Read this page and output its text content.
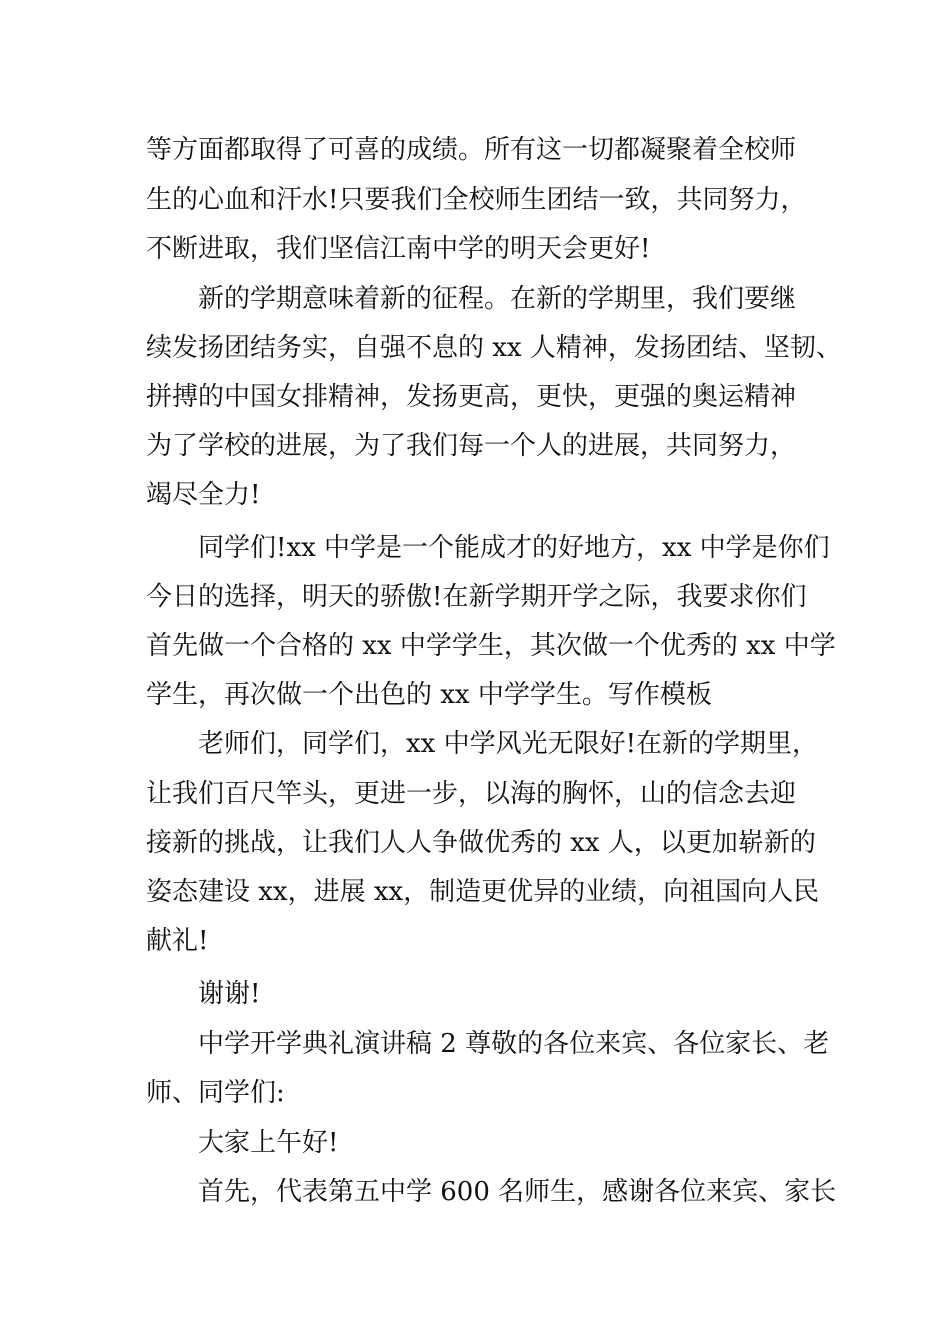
等方面都取得了可喜的成绩。所有这一切都凝聚着全校师
生的心血和汗水!只要我们全校师生团结一致，共同努力，
不断进取，我们坚信江南中学的明天会更好!
新的学期意味着新的征程。在新的学期里，我们要继
续发扬团结务实，自强不息的 xx 人精神，发扬团结、坚韧、
拼搏的中国女排精神，发扬更高，更快，更强的奥运精神
为了学校的进展，为了我们每一个人的进展，共同努力，
竭尽全力!
同学们!xx 中学是一个能成才的好地方，xx 中学是你们
今日的选择，明天的骄傲!在新学期开学之际，我要求你们
首先做一个合格的 xx 中学学生，其次做一个优秀的 xx 中学
学生，再次做一个出色的 xx 中学学生。写作模板
老师们，同学们，xx 中学风光无限好!在新的学期里，
让我们百尺竿头，更进一步，以海的胸怀，山的信念去迎
接新的挑战，让我们人人争做优秀的 xx 人，以更加崭新的
姿态建设 xx，进展 xx，制造更优异的业绩，向祖国向人民
献礼!
谢谢!
中学开学典礼演讲稿 2 尊敬的各位来宾、各位家长、老
师、同学们:
大家上午好!
首先，代表第五中学 600 名师生，感谢各位来宾、家长
